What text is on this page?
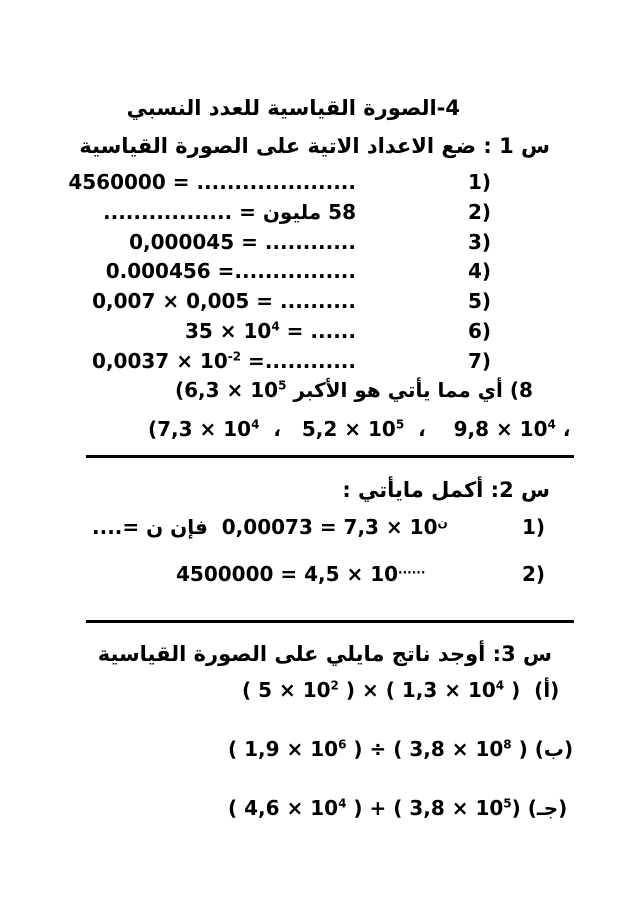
4-الصورة القياسية للعدد النسبي
س 1 : ضع الاعداد الاتية على الصورة القياسية
1)
2)
3)
4)
5)
6)
7)
4560000 = .....................
58 مليون = .................
0,000045 = ............
0.000456 =................
0,007 × 0,005 = ..........
$35 \times 10^4$ = ......
$0,0037 \times 10^{-2}$ =............
8) أي مما يأتي هو الأكبر ($6,3 \times 10^5$
($7,3 \times 10^4$  ،   $5,2 \times 10^5$  ،    $9,8 \times 10^4$ ،
س 2: أكمل مايأتي :
1)
فإن ن =.... $0,00073 = 7,3 \times 10^ن$
2)
4500000 = 4,5 × 10......
س 3: أوجد ناتج مايلي على الصورة القياسية
( $5 \times 10^2$ ) × ( $1,3 \times 10^4$ )  (أ)
( $1,9 \times 10^6$ ) ÷ ( $3,8 \times 10^8$ ) (ب)
( $4,6 \times 10^4$ ) + ( $3,8 \times 10^5$) (جـ)
